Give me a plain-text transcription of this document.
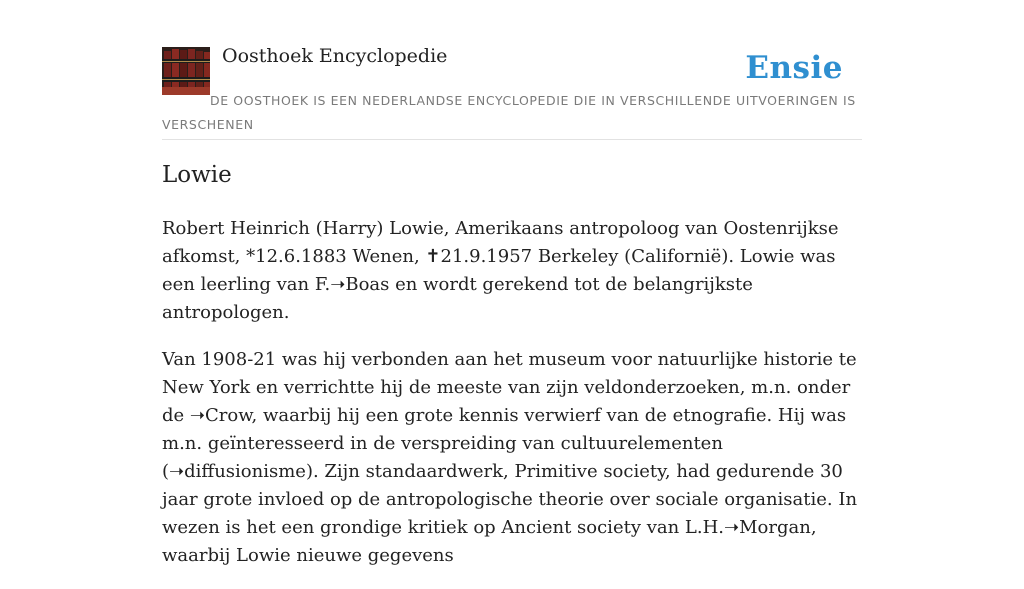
Oosthoek Encyclopedie	Ensie

DE OOSTHOEK IS EEN NEDERLANDSE ENCYCLOPEDIE DIE IN VERSCHILLENDE UITVOERINGEN IS VERSCHENEN

Lowie

Robert Heinrich (Harry) Lowie, Amerikaans antropoloog van Oostenrijkse afkomst, *12.6.1883 Wenen, ✝21.9.1957 Berkeley (Californië). Lowie was een leerling van F.➝Boas en wordt gerekend tot de belangrijkste antropologen.

Van 1908-21 was hij verbonden aan het museum voor natuurlijke historie te New York en verrichtte hij de meeste van zijn veldonderzoeken, m.n. onder de ➝Crow, waarbij hij een grote kennis verwierf van de etnografie. Hij was m.n. geïnteresseerd in de verspreiding van cultuurelementen (➝diffusionisme). Zijn standaardwerk, Primitive society, had gedurende 30 jaar grote invloed op de antropologische theorie over sociale organisatie. In wezen is het een grondige kritiek op Ancient society van L.H.➝Morgan, waarbij Lowie nieuwe gegevens
